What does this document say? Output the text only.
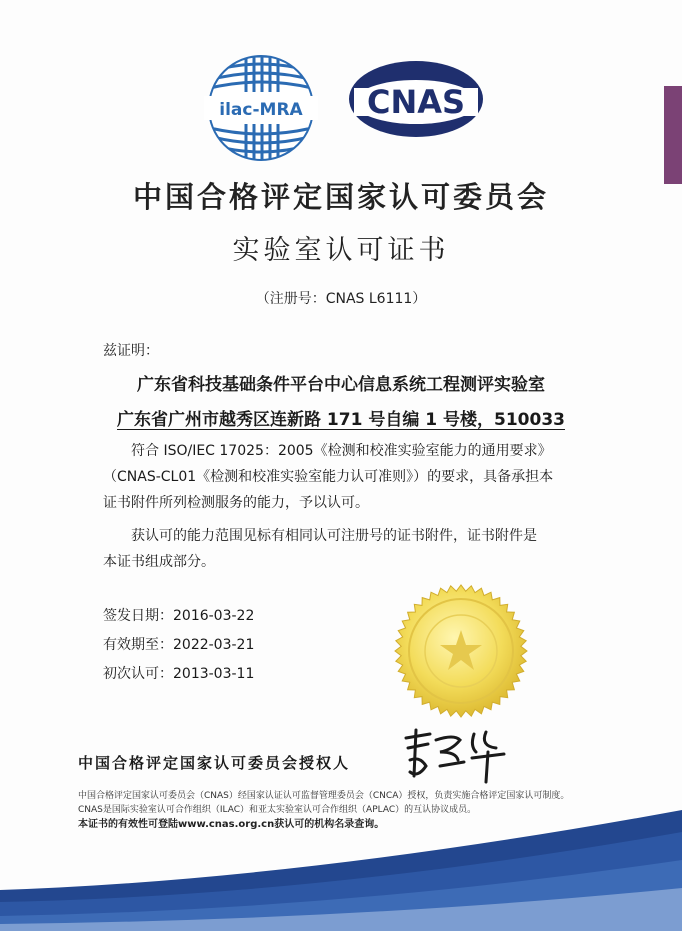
ilac-MRA CNAS
中国合格评定国家认可委员会
实验室认可证书
（注册号：CNAS L6111）
兹证明：
广东省科技基础条件平台中心信息系统工程测评实验室
广东省广州市越秀区连新路 171 号自编 1 号楼，510033
符合 ISO/IEC 17025：2005《检测和校准实验室能力的通用要求》
（CNAS-CL01《检测和校准实验室能力认可准则》）的要求，具备承担本
证书附件所列检测服务的能力，予以认可。
获认可的能力范围见标有相同认可注册号的证书附件，证书附件是
本证书组成部分。
签发日期：2016-03-22
有效期至：2022-03-21
初次认可：2013-03-11
中国合格评定国家认可委员会授权人
中国合格评定国家认可委员会（CNAS）经国家认证认可监督管理委员会（CNCA）授权，负责实施合格评定国家认可制度。
CNAS是国际实验室认可合作组织（ILAC）和亚太实验室认可合作组织（APLAC）的互认协议成员。
本证书的有效性可登陆www.cnas.org.cn获认可的机构名录查询。
